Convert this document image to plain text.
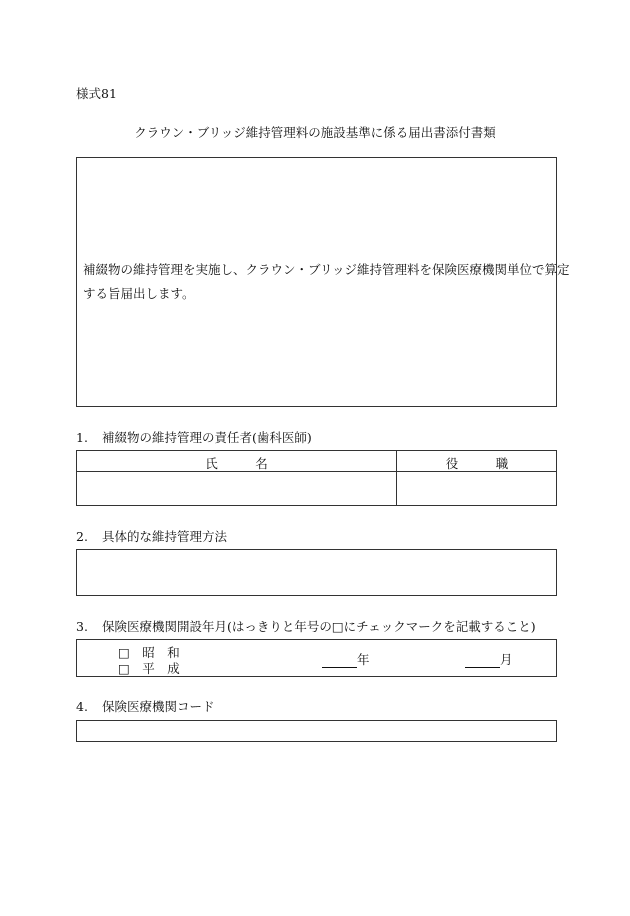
様式81
クラウン・ブリッジ維持管理料の施設基準に係る届出書添付書類
補綴物の維持管理を実施し、クラウン・ブリッジ維持管理料を保険医療機関単位で算定
する旨届出します。
1. 補綴物の維持管理の責任者(歯科医師)
氏　　　名	役　　　職
2. 具体的な維持管理方法
3. 保険医療機関開設年月(はっきりと年号の□にチェックマークを記載すること)
□　昭　和
□　平　成
年	月
4. 保険医療機関コード
